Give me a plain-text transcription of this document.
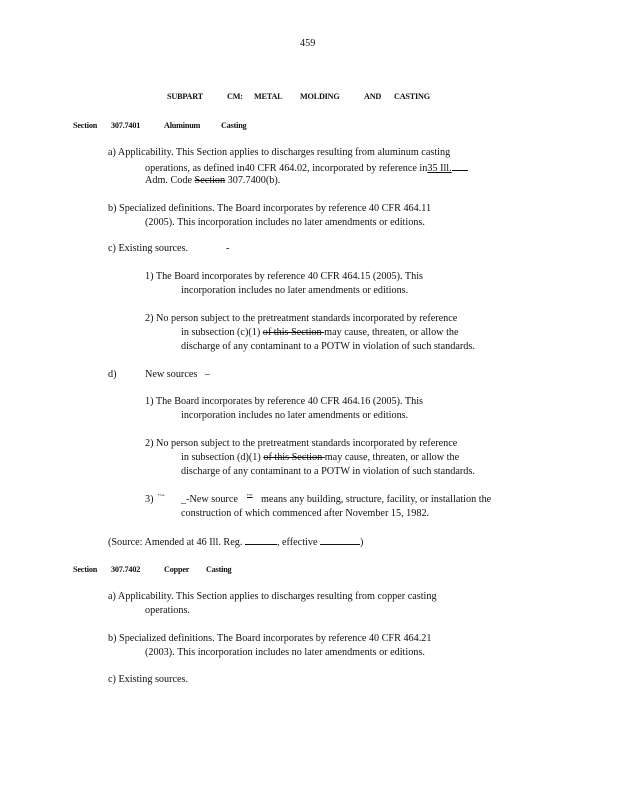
459
SUBPART	CM: METAL MOLDING	AND CASTING
Section 307.7401	Aluminum	Casting
a) Applicability. This Section applies to discharges resulting from aluminum casting
operations, as defined in40 CFR 464.02, incorporated by reference in35 Ill.
Adm. Code Section 307.7400(b).
b) Specialized definitions. The Board incorporates by reference 40 CFR 464.11
(2005). This incorporation includes no later amendments or editions.
c) Existing sources.	-
1) The Board incorporates by reference 40 CFR 464.15 (2005). This
incorporation includes no later amendments or editions.
2) No person subject to the pretreatment standards incorporated by reference
in subsection (c)(1) of this Section may cause, threaten, or allow the
discharge of any contaminant to a POTW in violation of such standards.
d)	New sources –
1) The Board incorporates by reference 40 CFR 464.16 (2005). This
incorporation includes no later amendments or editions.
2) No person subject to the pretreatment standards incorporated by reference
in subsection (d)(1) of this Section may cause, threaten, or allow the
discharge of any contaminant to a POTW in violation of such standards.
3) "‘‘ _-New source "" means any building, structure, facility, or installation the
construction of which commenced after November 15, 1982.
(Source: Amended at 46 Ill. Reg.	, effective	)
Section 307.7402	Copper Casting
a) Applicability. This Section applies to discharges resulting from copper casting
operations.
b) Specialized definitions. The Board incorporates by reference 40 CFR 464.21
(2003). This incorporation includes no later amendments or editions.
c) Existing sources.
